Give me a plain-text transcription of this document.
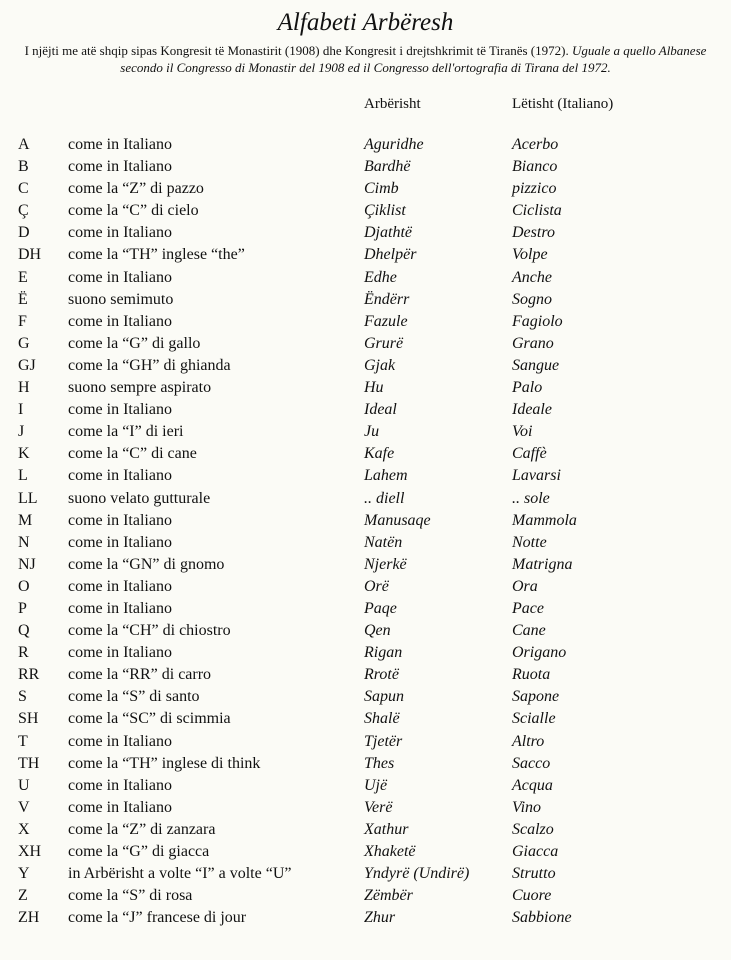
Alfabeti Arbëresh
I njëjti me atë shqip sipas Kongresit të Monastirit (1908) dhe Kongresit i drejtshkrimit të Tiranës (1972). Uguale a quello Albanese secondo il Congresso di Monastir del 1908 ed il Congresso dell'ortografia di Tirana del 1972.
Arbërisht	Lëtisht (Italiano)
A come in Italiano	Aguridhe	Acerbo
B come in Italiano	Bardhë	Bianco
C come la “Z” di pazzo	Cimb	pizzico
Ç come la “C” di cielo	Çiklist	Ciclista
D come in Italiano	Djathtë	Destro
DH come la “TH” inglese “the”	Dhelpër	Volpe
E	come in Italiano	Edhe	Anche
Ë	suono semimuto	Ëndërr	Sogno
F	come in Italiano	Fazule	Fagiolo
G come la “G” di gallo	Grurë	Grano
GJ come la “GH” di ghianda	Gjak	Sangue
H suono sempre aspirato	Hu	Palo
I	come in Italiano	Ideal	Ideale
J	come la “I” di ieri	Ju	Voi
K come la “C” di cane	Kafe	Caffè
L	come in Italiano	Lahem	Lavarsi
LL suono velato gutturale	.. diell	.. sole
M come in Italiano	Manusaqe	Mammola
N come in Italiano	Natën	Notte
NJ come la “GN” di gnomo	Njerkë	Matrigna
O come in Italiano	Orë	Ora
P	come in Italiano	Paqe	Pace
Q come la “CH” di chiostro	Qen	Cane
R come in Italiano	Rigan	Origano
RR come la “RR” di carro	Rrotë	Ruota
S	come la “S” di santo	Sapun	Sapone
SH come la “SC” di scimmia	Shalë	Scialle
T	come in Italiano	Tjetër	Altro
TH come la “TH” inglese di think	Thes	Sacco
U come in Italiano	Ujë	Acqua
V come in Italiano	Verë	Vino
X come la “Z” di zanzara	Xathur	Scalzo
XH come la “G” di giacca	Xhaketë	Giacca
Y in Arbërisht a volte “I” a volte “U”	Yndyrë (Undirë)	Strutto
Z	come la “S” di rosa	Zëmbër	Cuore
ZH come la “J” francese di jour	Zhur	Sabbione
